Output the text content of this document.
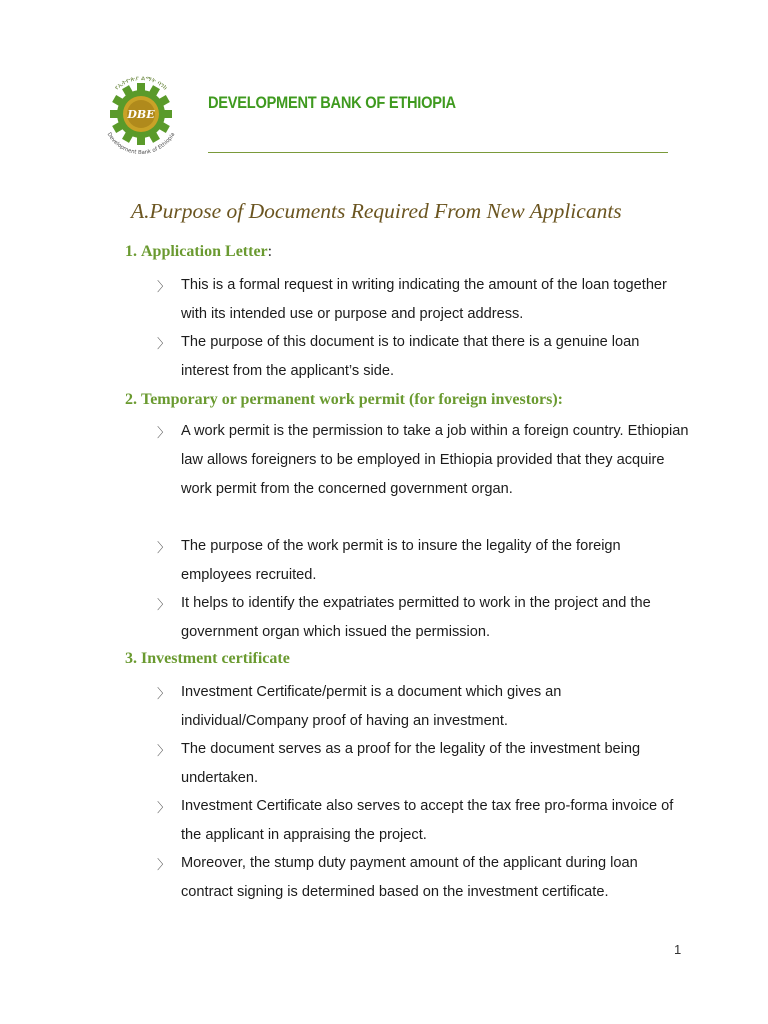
የኢትዮጵያ ልማት ባንክ
DBE
Development Bank of Ethiopia
DEVELOPMENT BANK OF ETHIOPIA
A.Purpose of Documents Required From New Applicants
1. Application Letter:
〉 This is a formal request in writing indicating the amount of the loan together with its intended use or purpose and project address.
〉 The purpose of this document is to indicate that there is a genuine loan interest from the applicant’s side.
2. Temporary or permanent work permit (for foreign investors):
〉 A work permit is the permission to take a job within a foreign country. Ethiopian law allows foreigners to be employed in Ethiopia provided that they acquire work permit from the concerned government organ.
〉 The purpose of the work permit is to insure the legality of the foreign employees recruited.
〉 It helps to identify the expatriates permitted to work in the project and the government organ which issued the permission.
3. Investment certificate
〉 Investment Certificate/permit is a document which gives an individual/Company proof of having an investment.
〉 The document serves as a proof for the legality of the investment being undertaken.
〉 Investment Certificate also serves to accept the tax free pro-forma invoice of the applicant in appraising the project.
〉 Moreover, the stump duty payment amount of the applicant during loan contract signing is determined based on the investment certificate.
1
